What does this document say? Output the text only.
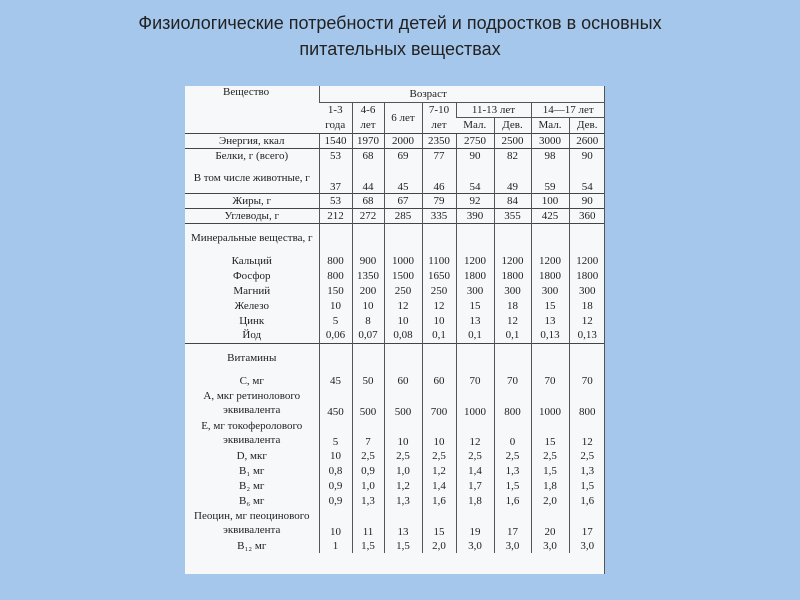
Физиологические потребности детей и подростков в основных
питательных веществах
Вещество	Возраст							
	1-3 года	4-6 лет	6 лет	7-10 лет	11-13 лет		14—17 лет	
					Мал.	Дев.	Мал.	Дев.
Энергия, ккал	1540	1970	2000	2350	2750	2500	3000	2600
Белки, г (всего)	53	68	69	77	90	82	98	90
В том числе животные, г	37	44	45	46	54	49	59	54
Жиры, г	53	68	67	79	92	84	100	90
Углеводы, г	212	272	285	335	390	355	425	360
Минеральные вещества, г								
Кальций	800	900	1000	1100	1200	1200	1200	1200
Фосфор	800	1350	1500	1650	1800	1800	1800	1800
Магний	150	200	250	250	300	300	300	300
Железо	10	10	12	12	15	18	15	18
Цинк	5	8	10	10	13	12	13	12
Йод	0,06	0,07	0,08	0,1	0,1	0,1	0,13	0,13
Витамины								
С, мг	45	50	60	60	70	70	70	70
А, мкг ретинолового эквивалента	450	500	500	700	1000	800	1000	800
Е, мг токоферолового эквивалента	5	7	10	10	12	0	15	12
D, мкг	10	2,5	2,5	2,5	2,5	2,5	2,5	2,5
В₁ мг	0,8	0,9	1,0	1,2	1,4	1,3	1,5	1,3
В₂ мг	0,9	1,0	1,2	1,4	1,7	1,5	1,8	1,5
В₆ мг	0,9	1,3	1,3	1,6	1,8	1,6	2,0	1,6
Пеоцин, мг пеоцинового эквивалента	10	11	13	15	19	17	20	17
В₁₂ мг	1	1,5	1,5	2,0	3,0	3,0	3,0	3,0
